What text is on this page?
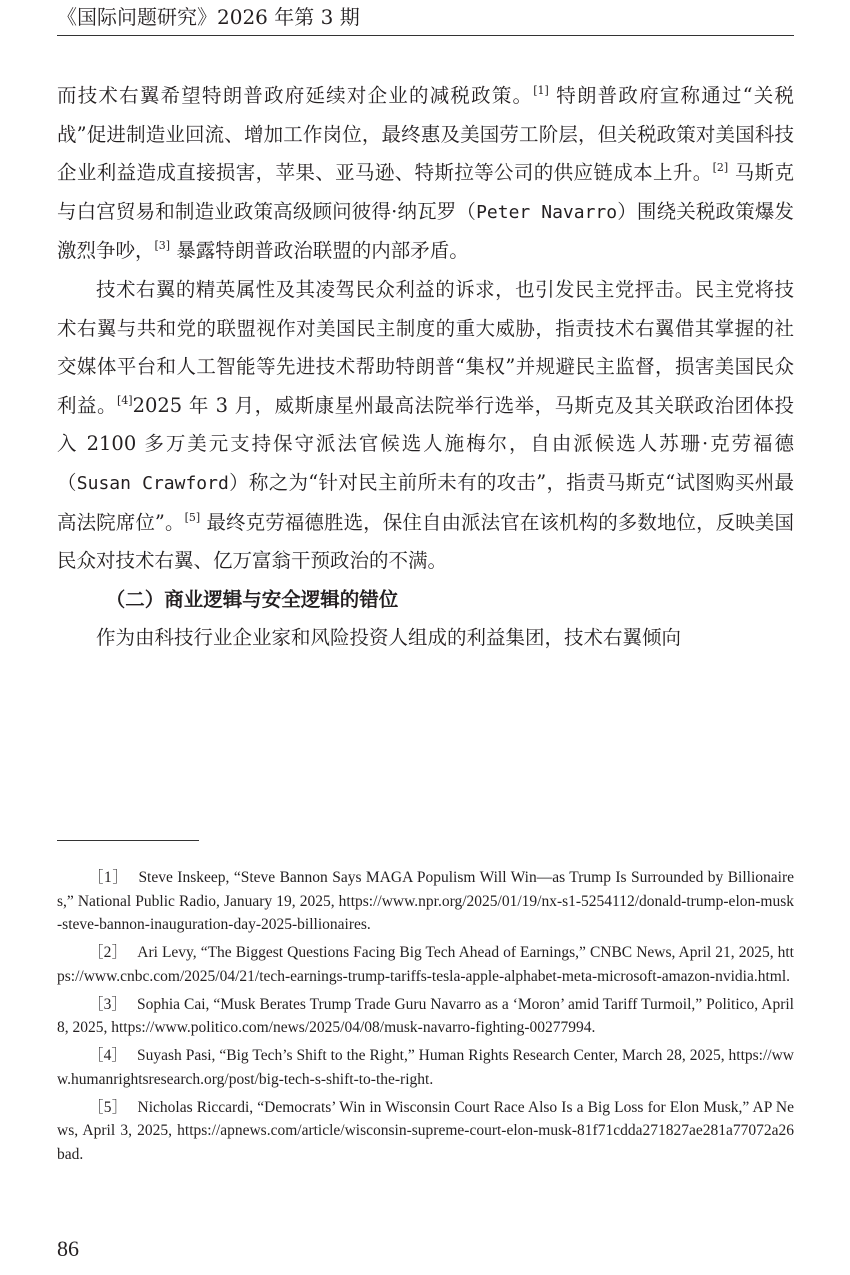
《国际问题研究》2026 年第 3 期

而技术右翼希望特朗普政府延续对企业的减税政策。[1] 特朗普政府宣称通过“关税战”促进制造业回流、增加工作岗位，最终惠及美国劳工阶层，但关税政策对美国科技企业利益造成直接损害，苹果、亚马逊、特斯拉等公司的供应链成本上升。[2] 马斯克与白宫贸易和制造业政策高级顾问彼得·纳瓦罗（Peter Navarro）围绕关税政策爆发激烈争吵，[3] 暴露特朗普政治联盟的内部矛盾。

技术右翼的精英属性及其凌驾民众利益的诉求，也引发民主党抨击。民主党将技术右翼与共和党的联盟视作对美国民主制度的重大威胁，指责技术右翼借其掌握的社交媒体平台和人工智能等先进技术帮助特朗普“集权”并规避民主监督，损害美国民众利益。[4]2025 年 3 月，威斯康星州最高法院举行选举，马斯克及其关联政治团体投入 2100 多万美元支持保守派法官候选人施梅尔，自由派候选人苏珊·克劳福德（Susan Crawford）称之为“针对民主前所未有的攻击”，指责马斯克“试图购买州最高法院席位”。[5] 最终克劳福德胜选，保住自由派法官在该机构的多数地位，反映美国民众对技术右翼、亿万富翁干预政治的不满。

（二）商业逻辑与安全逻辑的错位

作为由科技行业企业家和风险投资人组成的利益集团，技术右翼倾向

［1］ Steve Inskeep, “Steve Bannon Says MAGA Populism Will Win—as Trump Is Surrounded by Billionaires,” National Public Radio, January 19, 2025, https://www.npr.org/2025/01/19/nx-s1-5254112/donald-trump-elon-musk-steve-bannon-inauguration-day-2025-billionaires.

［2］ Ari Levy, “The Biggest Questions Facing Big Tech Ahead of Earnings,” CNBC News, April 21, 2025, https://www.cnbc.com/2025/04/21/tech-earnings-trump-tariffs-tesla-apple-alphabet-meta-microsoft-amazon-nvidia.html.

［3］ Sophia Cai, “Musk Berates Trump Trade Guru Navarro as a ‘Moron’ amid Tariff Turmoil,” Politico, April 8, 2025, https://www.politico.com/news/2025/04/08/musk-navarro-fighting-00277994.

［4］ Suyash Pasi, “Big Tech’s Shift to the Right,” Human Rights Research Center, March 28, 2025, https://www.humanrightsresearch.org/post/big-tech-s-shift-to-the-right.

［5］ Nicholas Riccardi, “Democrats’ Win in Wisconsin Court Race Also Is a Big Loss for Elon Musk,” AP News, April 3, 2025, https://apnews.com/article/wisconsin-supreme-court-elon-musk-81f71cdda271827ae281a77072a26bad.

86
